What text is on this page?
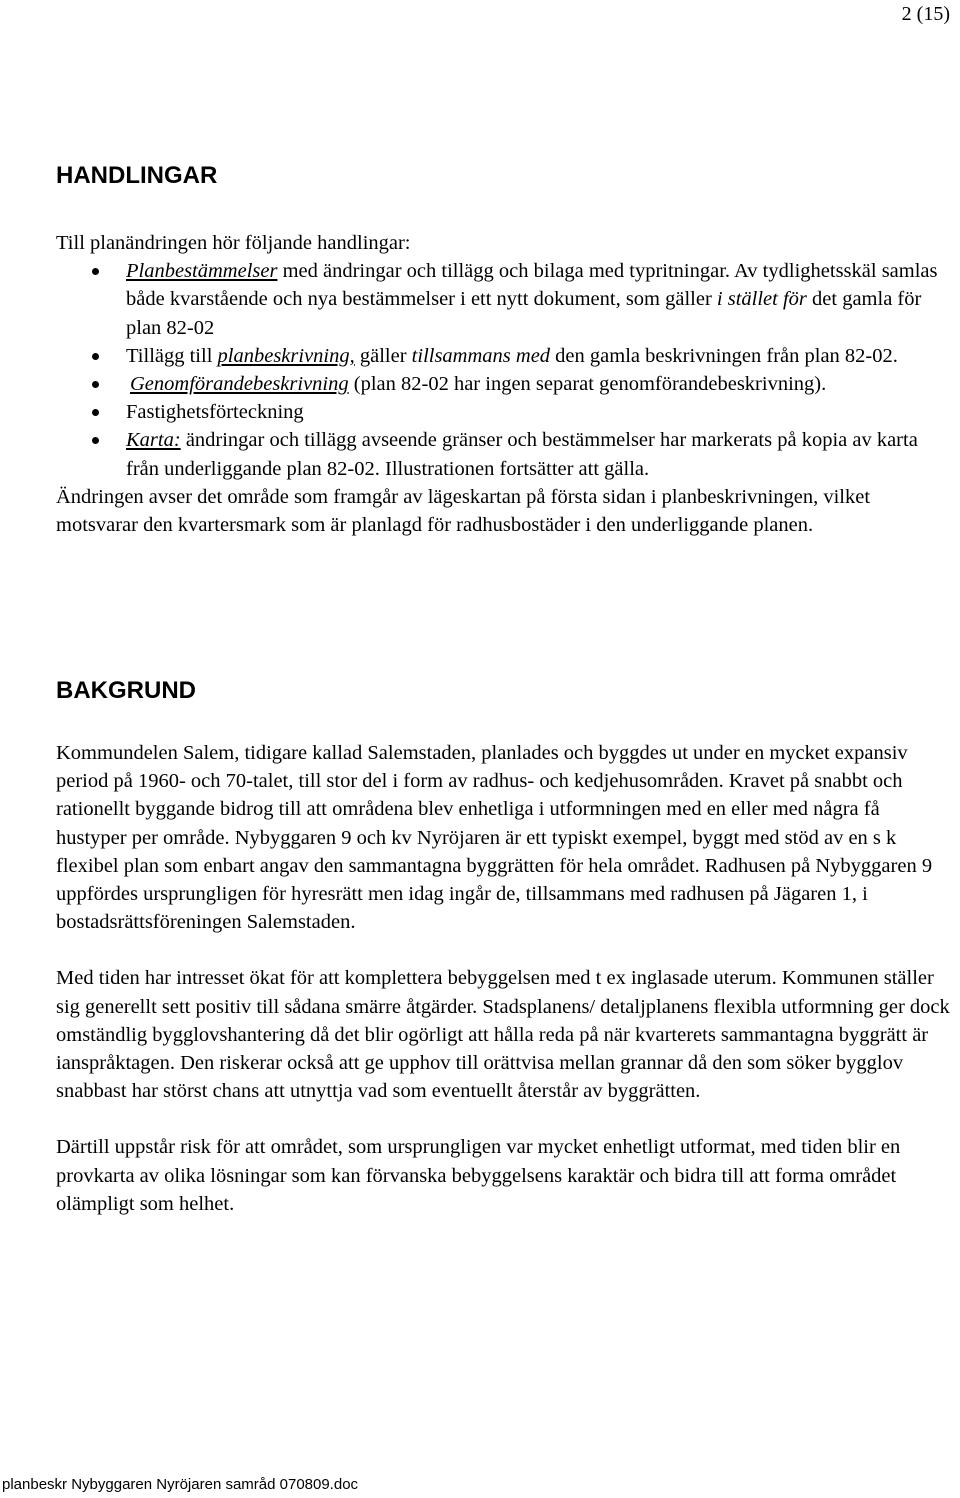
2 (15)
HANDLINGAR

Till planändringen hör följande handlingar:

Planbestämmelser med ändringar och tillägg och bilaga med typritningar. Av tydlighetsskäl samlas både kvarstående och nya bestämmelser i ett nytt dokument, som gäller i stället för det gamla för plan 82-02
Tillägg till planbeskrivning, gäller tillsammans med den gamla beskrivningen från plan 82-02.
Genomförandebeskrivning (plan 82-02 har ingen separat genomförandebeskrivning).
Fastighetsförteckning
Karta: ändringar och tillägg avseende gränser och bestämmelser har markerats på kopia av karta från underliggande plan 82-02. Illustrationen fortsätter att gälla.

Ändringen avser det område som framgår av lägeskartan på första sidan i planbeskrivningen, vilket motsvarar den kvartersmark som är planlagd för radhusbostäder i den underliggande planen.

BAKGRUND

Kommundelen Salem, tidigare kallad Salemstaden, planlades och byggdes ut under en mycket expansiv period på 1960- och 70-talet, till stor del i form av radhus- och kedjehusområden. Kravet på snabbt och rationellt byggande bidrog till att områdena blev enhetliga i utformningen med en eller med några få hustyper per område. Nybyggaren 9 och kv Nyröjaren är ett typiskt exempel, byggt med stöd av en s k flexibel plan som enbart angav den sammantagna byggrätten för hela området. Radhusen på Nybyggaren 9 uppfördes ursprungligen för hyresrätt men idag ingår de, tillsammans med radhusen på Jägaren 1, i bostadsrättsföreningen Salemstaden.

Med tiden har intresset ökat för att komplettera bebyggelsen med t ex inglasade uterum. Kommunen ställer sig generellt sett positiv till sådana smärre åtgärder. Stadsplanens/ detaljplanens flexibla utformning ger dock omständlig bygglovshantering då det blir ogörligt att hålla reda på när kvarterets sammantagna byggrätt är ianspråktagen. Den riskerar också att ge upphov till orättvisa mellan grannar då den som söker bygglov snabbast har störst chans att utnyttja vad som eventuellt återstår av byggrätten.

Därtill uppstår risk för att området, som ursprungligen var mycket enhetligt utformat, med tiden blir en provkarta av olika lösningar som kan förvanska bebyggelsens karaktär och bidra till att forma området olämpligt som helhet.

planbeskr Nybyggaren Nyröjaren samråd 070809.doc
